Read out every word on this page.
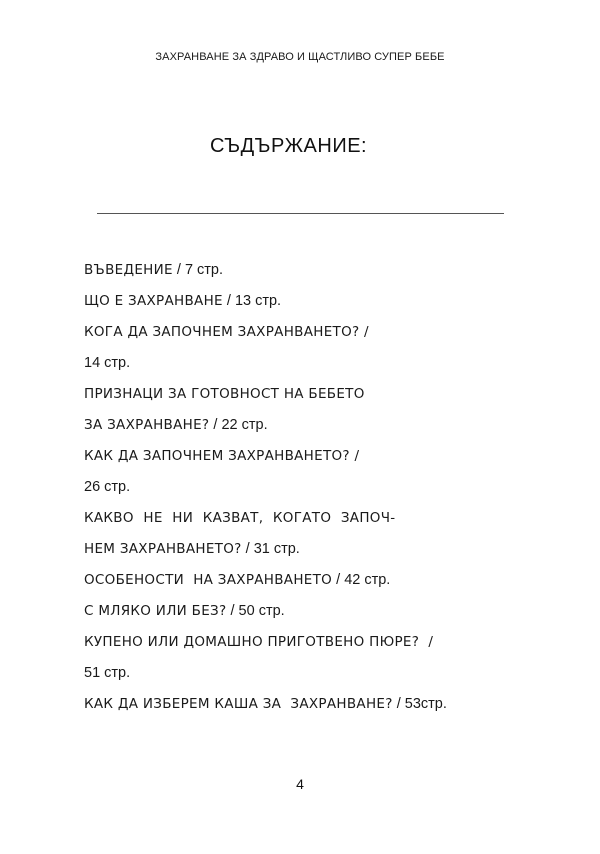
ЗАХРАНВАНЕ ЗА ЗДРАВО И ЩАСТЛИВО СУПЕР БЕБЕ
СЪДЪРЖАНИЕ:
ВЪВЕДЕНИЕ / 7 стр.
ЩО Е ЗАХРАНВАНЕ / 13 стр.
КОГА ДА ЗАПОЧНЕМ ЗАХРАНВАНЕТО? /
14 стр.
ПРИЗНАЦИ ЗА ГОТОВНОСТ НА БЕБЕТО
ЗА ЗАХРАНВАНЕ? / 22 стр.
КАК ДА ЗАПОЧНЕМ ЗАХРАНВАНЕТО? /
26 стр.
КАКВО НЕ НИ КАЗВАТ, КОГАТО ЗАПОЧ-
НЕМ ЗАХРАНВАНЕТО? / 31 стр.
ОСОБЕНОСТИ  НА ЗАХРАНВАНЕТО / 42 стр.
С МЛЯКО ИЛИ БЕЗ? / 50 стр.
КУПЕНО ИЛИ ДОМАШНО ПРИГОТВЕНО ПЮРЕ?  /
51 стр.
КАК ДА ИЗБЕРЕМ КАША ЗА  ЗАХРАНВАНЕ? / 53стр.
4
